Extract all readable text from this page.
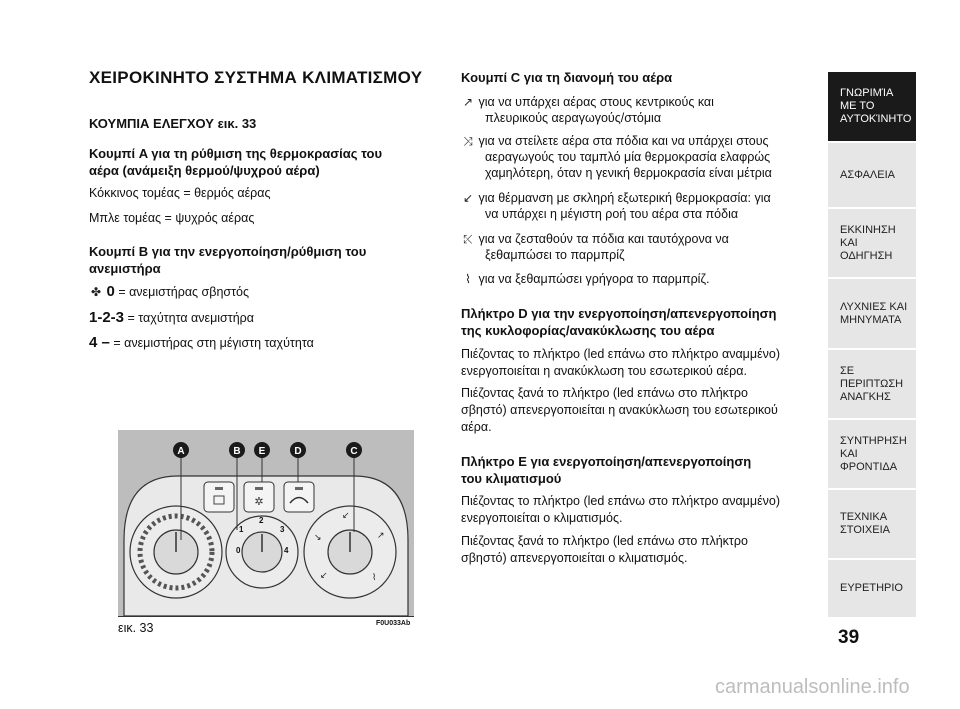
ΧΕΙΡΟΚΙΝΗΤΟ ΣΥΣΤΗΜΑ ΚΛΙΜΑΤΙΣΜΟΥ
ΚΟΥΜΠΙΑ ΕΛΕΓΧΟΥ εικ. 33
Κουμπί A για τη ρύθμιση της θερμοκρασίας του
αέρα (ανάμειξη θερμού/ψυχρού αέρα)
Κόκκινος τομέας = θερμός αέρας
Μπλε τομέας = ψυχρός αέρας
Κουμπί B για την ενεργοποίηση/ρύθμιση του
ανεμιστήρα
✤ 0 = ανεμιστήρας σβηστός
1-2-3 = ταχύτητα ανεμιστήρα
4 – = ανεμιστήρας στη μέγιστη ταχύτητα
✲
0
1
2
3
4
↙
↘	↗
↙	⌇
A	B E	D	C
εικ. 33	F0U033Ab
Κουμπί C για τη διανομή του αέρα
↗ για να υπάρχει αέρας στους κεντρικούς και
πλευρικούς αεραγωγούς/στόμια
⤨ για να στείλετε αέρα στα πόδια και να υπάρχει στους
αεραγωγούς του ταμπλό μία θερμοκρασία ελαφρώς
χαμηλότερη, όταν η γενική θερμοκρασία είναι μέτρια
↙ για θέρμανση με σκληρή εξωτερική θερμοκρασία: για
να υπάρχει η μέγιστη ροή του αέρα στα πόδια
⤪ για να ζεσταθούν τα πόδια και ταυτόχρονα να
ξεθαμπώσει το παρμπρίζ
⌇ για να ξεθαμπώσει γρήγορα το παρμπρίζ.
Πλήκτρο D για την ενεργοποίηση/απενεργοποίηση
της κυκλοφορίας/ανακύκλωσης του αέρα
Πιέζοντας το πλήκτρο (led επάνω στο πλήκτρο αναμμένο)
ενεργοποιείται η ανακύκλωση του εσωτερικού αέρα.
Πιέζοντας ξανά το πλήκτρο (led επάνω στο πλήκτρο
σβηστό) απενεργοποιείται η ανακύκλωση του εσωτερικού
αέρα.
Πλήκτρο E για ενεργοποίηση/απενεργοποίηση
του κλιματισμού
Πιέζοντας το πλήκτρο (led επάνω στο πλήκτρο αναμμένο)
ενεργοποιείται ο κλιματισμός.
Πιέζοντας ξανά το πλήκτρο (led επάνω στο πλήκτρο
σβηστό) απενεργοποιείται ο κλιματισμός.
ΓΝΩΡΙΜΊΑ
ΜΕ ΤΟ
ΑΥΤΟΚΊΝΗΤΟ
ΑΣΦΑΛΕΙΑ
ΕΚΚΙΝΗΣΗ ΚΑΙ
ΟΔΗΓΗΣΗ
ΛΥΧΝΙΕΣ ΚΑΙ
ΜΗΝΥΜΑΤΑ
ΣΕ ΠΕΡΙΠΤΩΣΗ
ΑΝΑΓΚΗΣ
ΣΥΝΤΗΡΗΣΗ
ΚΑΙ ΦΡΟΝΤΙΔΑ
ΤΕΧΝΙΚΑ
ΣΤΟΙΧΕΙΑ
ΕΥΡΕΤΗΡΙΟ
39
carmanualsonline.info
